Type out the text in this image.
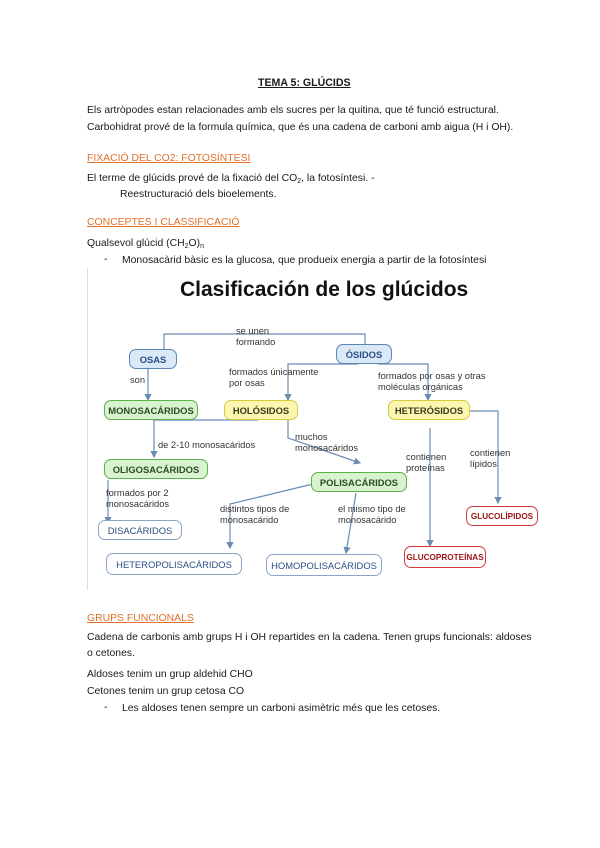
TEMA 5: GLÚCIDS
Els artròpodes estan relacionades amb els sucres per la quitina, que té funció estructural.
Carbohidrat prové de la formula química, que és una cadena de carboni amb aigua (H i OH).
FIXACIÓ DEL CO2: FOTOSÍNTESI
El terme de glúcids prové de la fixació del $CO_2$, la fotosíntesi. -
Reestructuració dels bioelements.
CONCEPTES I CLASSIFICACIÓ
Qualsevol glúcid $(CH_2O)_n$
- Monosacàrid bàsic es la glucosa, que produeix energia a partir de la fotosíntesi
Clasificación de los glúcidos
OSAS	ÓSIDOS
MONOSACÁRIDOS	HOLÓSIDOS	HETERÓSIDOS
OLIGOSACÁRIDOS
POLISACÁRIDOS
DISACÁRIDOS
GLUCOLÍPIDOS
GLUCOPROTEÍNAS
HETEROPOLISACÁRIDOS	HOMOPOLISACÁRIDOS
se unen
formando
son
formados únicamente
por osas
formados por osas y otras
moléculas orgánicas
de 2-10 monosacáridos
muchos
monosacáridos
contienen
proteínas
contienen
lípidos
formados por 2
monosacáridos	distintos tipos de
monosacárido
el mismo tipo de
monosacárido
GRUPS FUNCIONALS
Cadena de carbonis amb grups H i OH repartides en la cadena. Tenen grups funcionals: aldoses
o cetones.
Aldoses tenim un grup aldehid CHO
Cetones tenim un grup cetosa CO
- Les aldoses tenen sempre un carboni asimètric més que les cetoses.
